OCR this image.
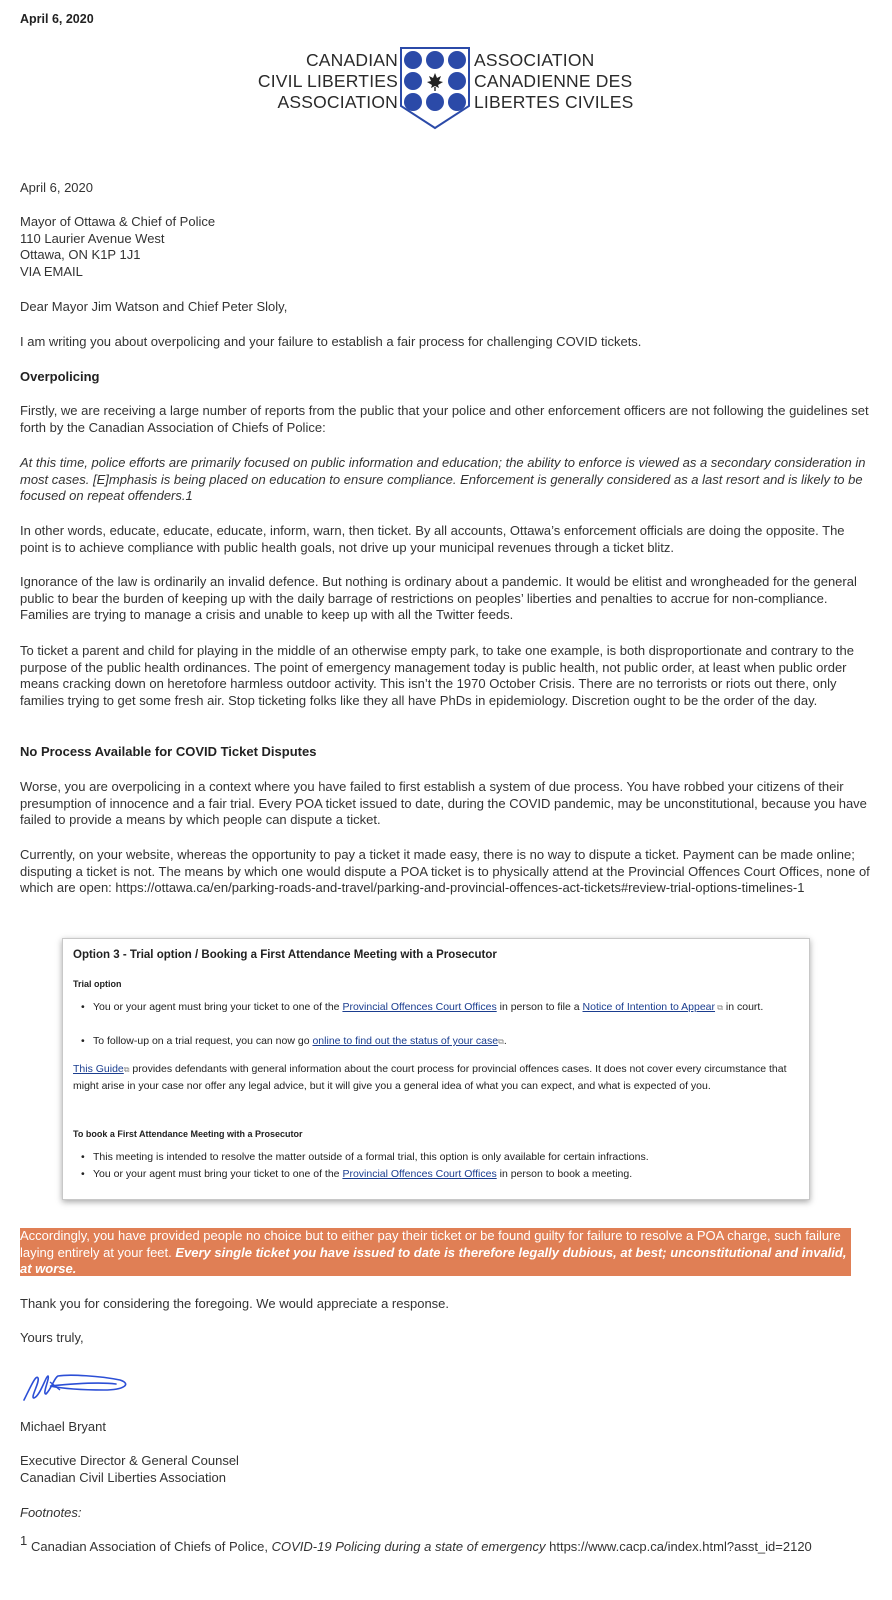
April 6, 2020
CANADIAN
CIVIL LIBERTIES
ASSOCIATION
ASSOCIATION
CANADIENNE DES
LIBERTES CIVILES

April 6, 2020

Mayor of Ottawa & Chief of Police

110 Laurier Avenue West

Ottawa, ON K1P 1J1

VIA EMAIL

Dear Mayor Jim Watson and Chief Peter Sloly,

I am writing you about overpolicing and your failure to establish a fair process for challenging COVID tickets.

Overpolicing

Firstly, we are receiving a large number of reports from the public that your police and other enforcement officers are not following the guidelines set forth by the Canadian Association of Chiefs of Police:

At this time, police efforts are primarily focused on public information and education; the ability to enforce is viewed as a secondary consideration in most cases. [E]mphasis is being placed on education to ensure compliance. Enforcement is generally considered as a last resort and is likely to be focused on repeat offenders.1

In other words, educate, educate, educate, inform, warn, then ticket. By all accounts, Ottawa’s enforcement officials are doing the opposite. The point is to achieve compliance with public health goals, not drive up your municipal revenues through a ticket blitz.

Ignorance of the law is ordinarily an invalid defence. But nothing is ordinary about a pandemic. It would be elitist and wrongheaded for the general public to bear the burden of keeping up with the daily barrage of restrictions on peoples’ liberties and penalties to accrue for non-compliance. Families are trying to manage a crisis and unable to keep up with all the Twitter feeds.

To ticket a parent and child for playing in the middle of an otherwise empty park, to take one example, is both disproportionate and contrary to the purpose of the public health ordinances. The point of emergency management today is public health, not public order, at least when public order means cracking down on heretofore harmless outdoor activity. This isn’t the 1970 October Crisis. There are no terrorists or riots out there, only families trying to get some fresh air. Stop ticketing folks like they all have PhDs in epidemiology. Discretion ought to be the order of the day.

No Process Available for COVID Ticket Disputes

Worse, you are overpolicing in a context where you have failed to first establish a system of due process. You have robbed your citizens of their presumption of innocence and a fair trial. Every POA ticket issued to date, during the COVID pandemic, may be unconstitutional, because you have failed to provide a means by which people can dispute a ticket.

Currently, on your website, whereas the opportunity to pay a ticket it made easy, there is no way to dispute a ticket. Payment can be made online; disputing a ticket is not. The means by which one would dispute a POA ticket is to physically attend at the Provincial Offences Court Offices, none of which are open: https://ottawa.ca/en/parking-roads-and-travel/parking-and-provincial-offences-act-tickets#review-trial-options-timelines-1

Option 3 - Trial option / Booking a First Attendance Meeting with a Prosecutor
Trial option
• You or your agent must bring your ticket to one of the Provincial Offences Court Offices in person to file a Notice of Intention to Appear ⧉ in court.
• To follow-up on a trial request, you can now go online to find out the status of your case⧉.
This Guide⧉ provides defendants with general information about the court process for provincial offences cases. It does not cover every circumstance that might arise in your case nor offer any legal advice, but it will give you a general idea of what you can expect, and what is expected of you.
To book a First Attendance Meeting with a Prosecutor
• This meeting is intended to resolve the matter outside of a formal trial, this option is only available for certain infractions.
• You or your agent must bring your ticket to one of the Provincial Offences Court Offices in person to book a meeting.
Accordingly, you have provided people no choice but to either pay their ticket or be found guilty for failure to resolve a POA charge, such failure laying entirely at your feet. Every single ticket you have issued to date is therefore legally dubious, at best; unconstitutional and invalid, at worse.

Thank you for considering the foregoing. We would appreciate a response.

Yours truly,

Michael Bryant

Executive Director & General Counsel

Canadian Civil Liberties Association

Footnotes:

1 Canadian Association of Chiefs of Police, COVID-19 Policing during a state of emergency https://www.cacp.ca/index.html?asst_id=2120
